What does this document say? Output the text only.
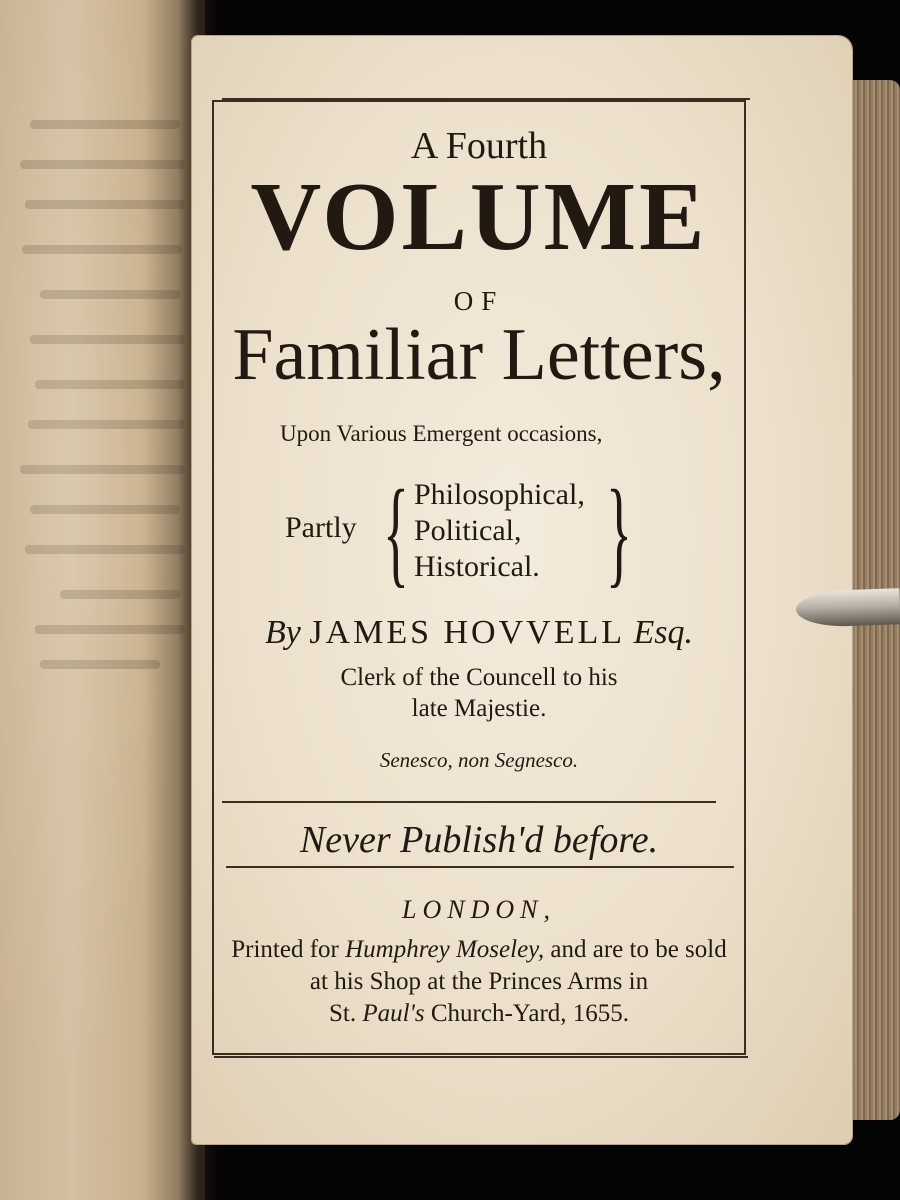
A Fourth
VOLUME
OF
Familiar Letters,
Upon Various Emergent occasions,
Partly { Philosophical,
Political,
Historical. }
By JAMES HOVVELL Esq.
Clerk of the Councell to his
late Majestie.
Senesco, non Segnesco.
Never Publish'd before.
LONDON,
Printed for Humphrey Moseley, and are to be sold
at his Shop at the Princes Arms in
St. Paul's Church-Yard, 1655.
